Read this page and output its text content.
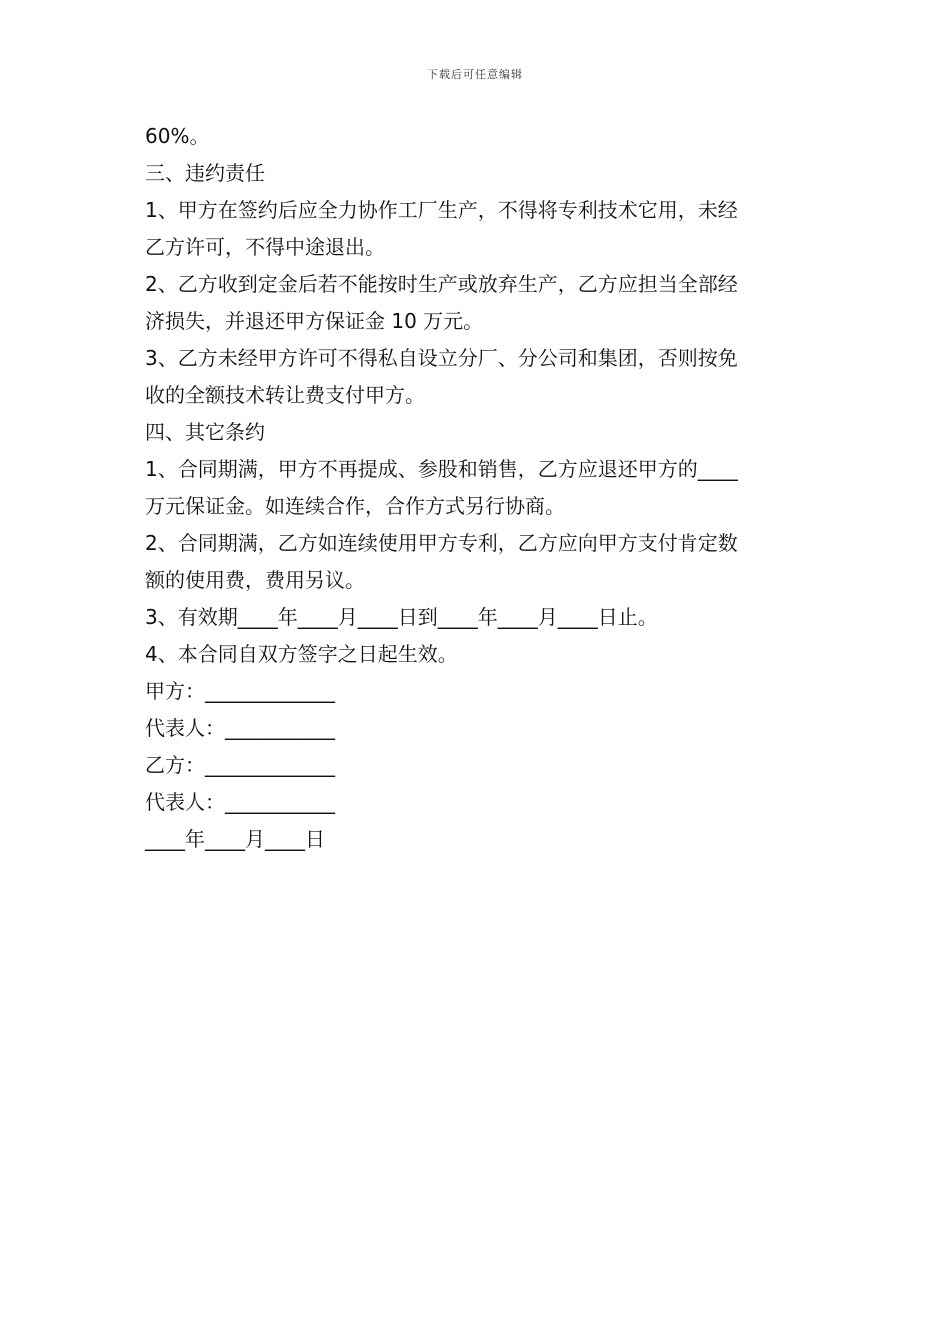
下载后可任意编辑
60%。
三、违约责任
1、甲方在签约后应全力协作工厂生产，不得将专利技术它用，未经
乙方许可，不得中途退出。
2、乙方收到定金后若不能按时生产或放弃生产，乙方应担当全部经
济损失，并退还甲方保证金 10 万元。
3、乙方未经甲方许可不得私自设立分厂、分公司和集团，否则按免
收的全额技术转让费支付甲方。
四、其它条约
1、合同期满，甲方不再提成、参股和销售，乙方应退还甲方的____
万元保证金。如连续合作，合作方式另行协商。
2、合同期满，乙方如连续使用甲方专利，乙方应向甲方支付肯定数
额的使用费，费用另议。
3、有效期____年____月____日到____年____月____日止。
4、本合同自双方签字之日起生效。
甲方：_____________
代表人：___________
乙方：_____________
代表人：___________
____年____月____日
